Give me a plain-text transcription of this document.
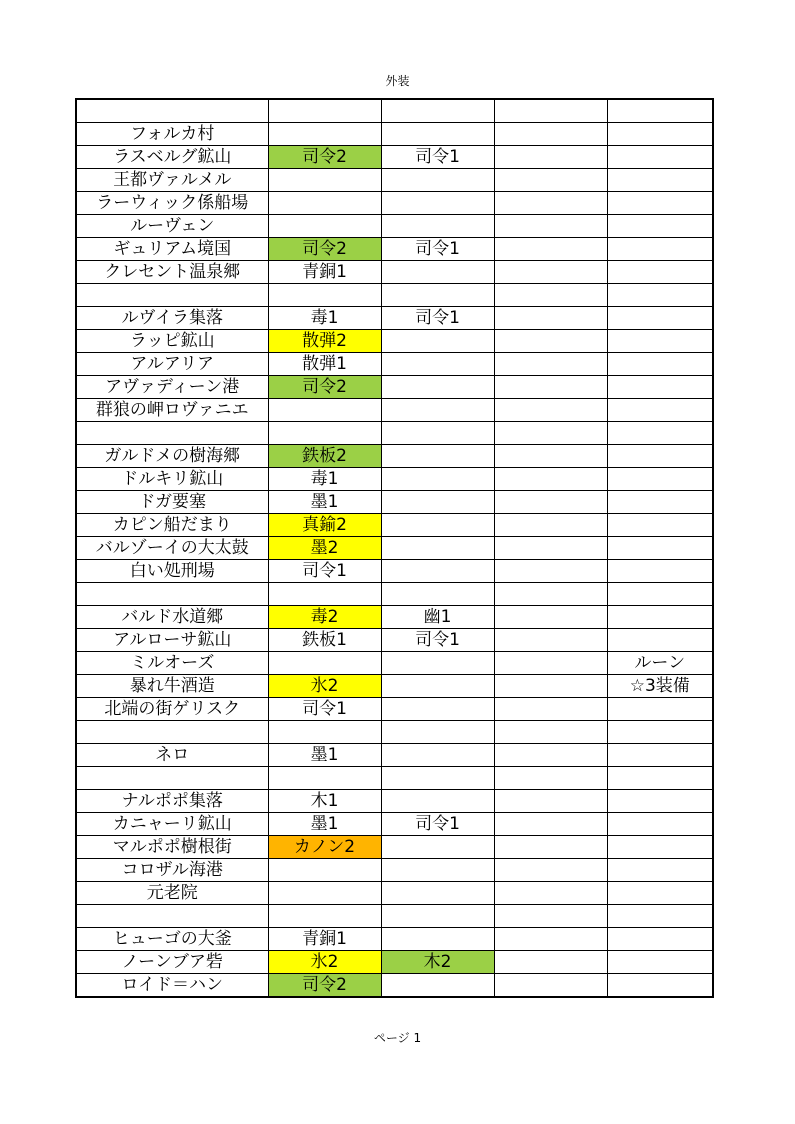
外装

フォルカ村				
ラスベルグ鉱山	司令2	司令1		
王都ヴァルメル				
ラーウィック係船場				
ルーヴェン				
ギュリアム境国	司令2	司令1		
クレセント温泉郷	青銅1			

ルヴイラ集落	毒1	司令1		
ラッピ鉱山	散弾2			
アルアリア	散弾1			
アヴァディーン港	司令2			
群狼の岬ロヴァニエ				

ガルドメの樹海郷	鉄板2			
ドルキリ鉱山	毒1			
ドガ要塞	墨1			
カピン船だまり	真鍮2			
バルゾーイの大太鼓	墨2			
白い処刑場	司令1			

バルド水道郷	毒2	幽1		
アルローサ鉱山	鉄板1	司令1		
ミルオーズ				ルーン
暴れ牛酒造	氷2			☆3装備
北端の街ゲリスク	司令1			

ネロ	墨1			

ナルポポ集落	木1			
カニャーリ鉱山	墨1	司令1		
マルポポ樹根街	カノン2			
コロザル海港				
元老院				

ヒューゴの大釜	青銅1			
ノーンブア砦	氷2	木2		
ロイド＝ハン	司令2			
ページ 1
